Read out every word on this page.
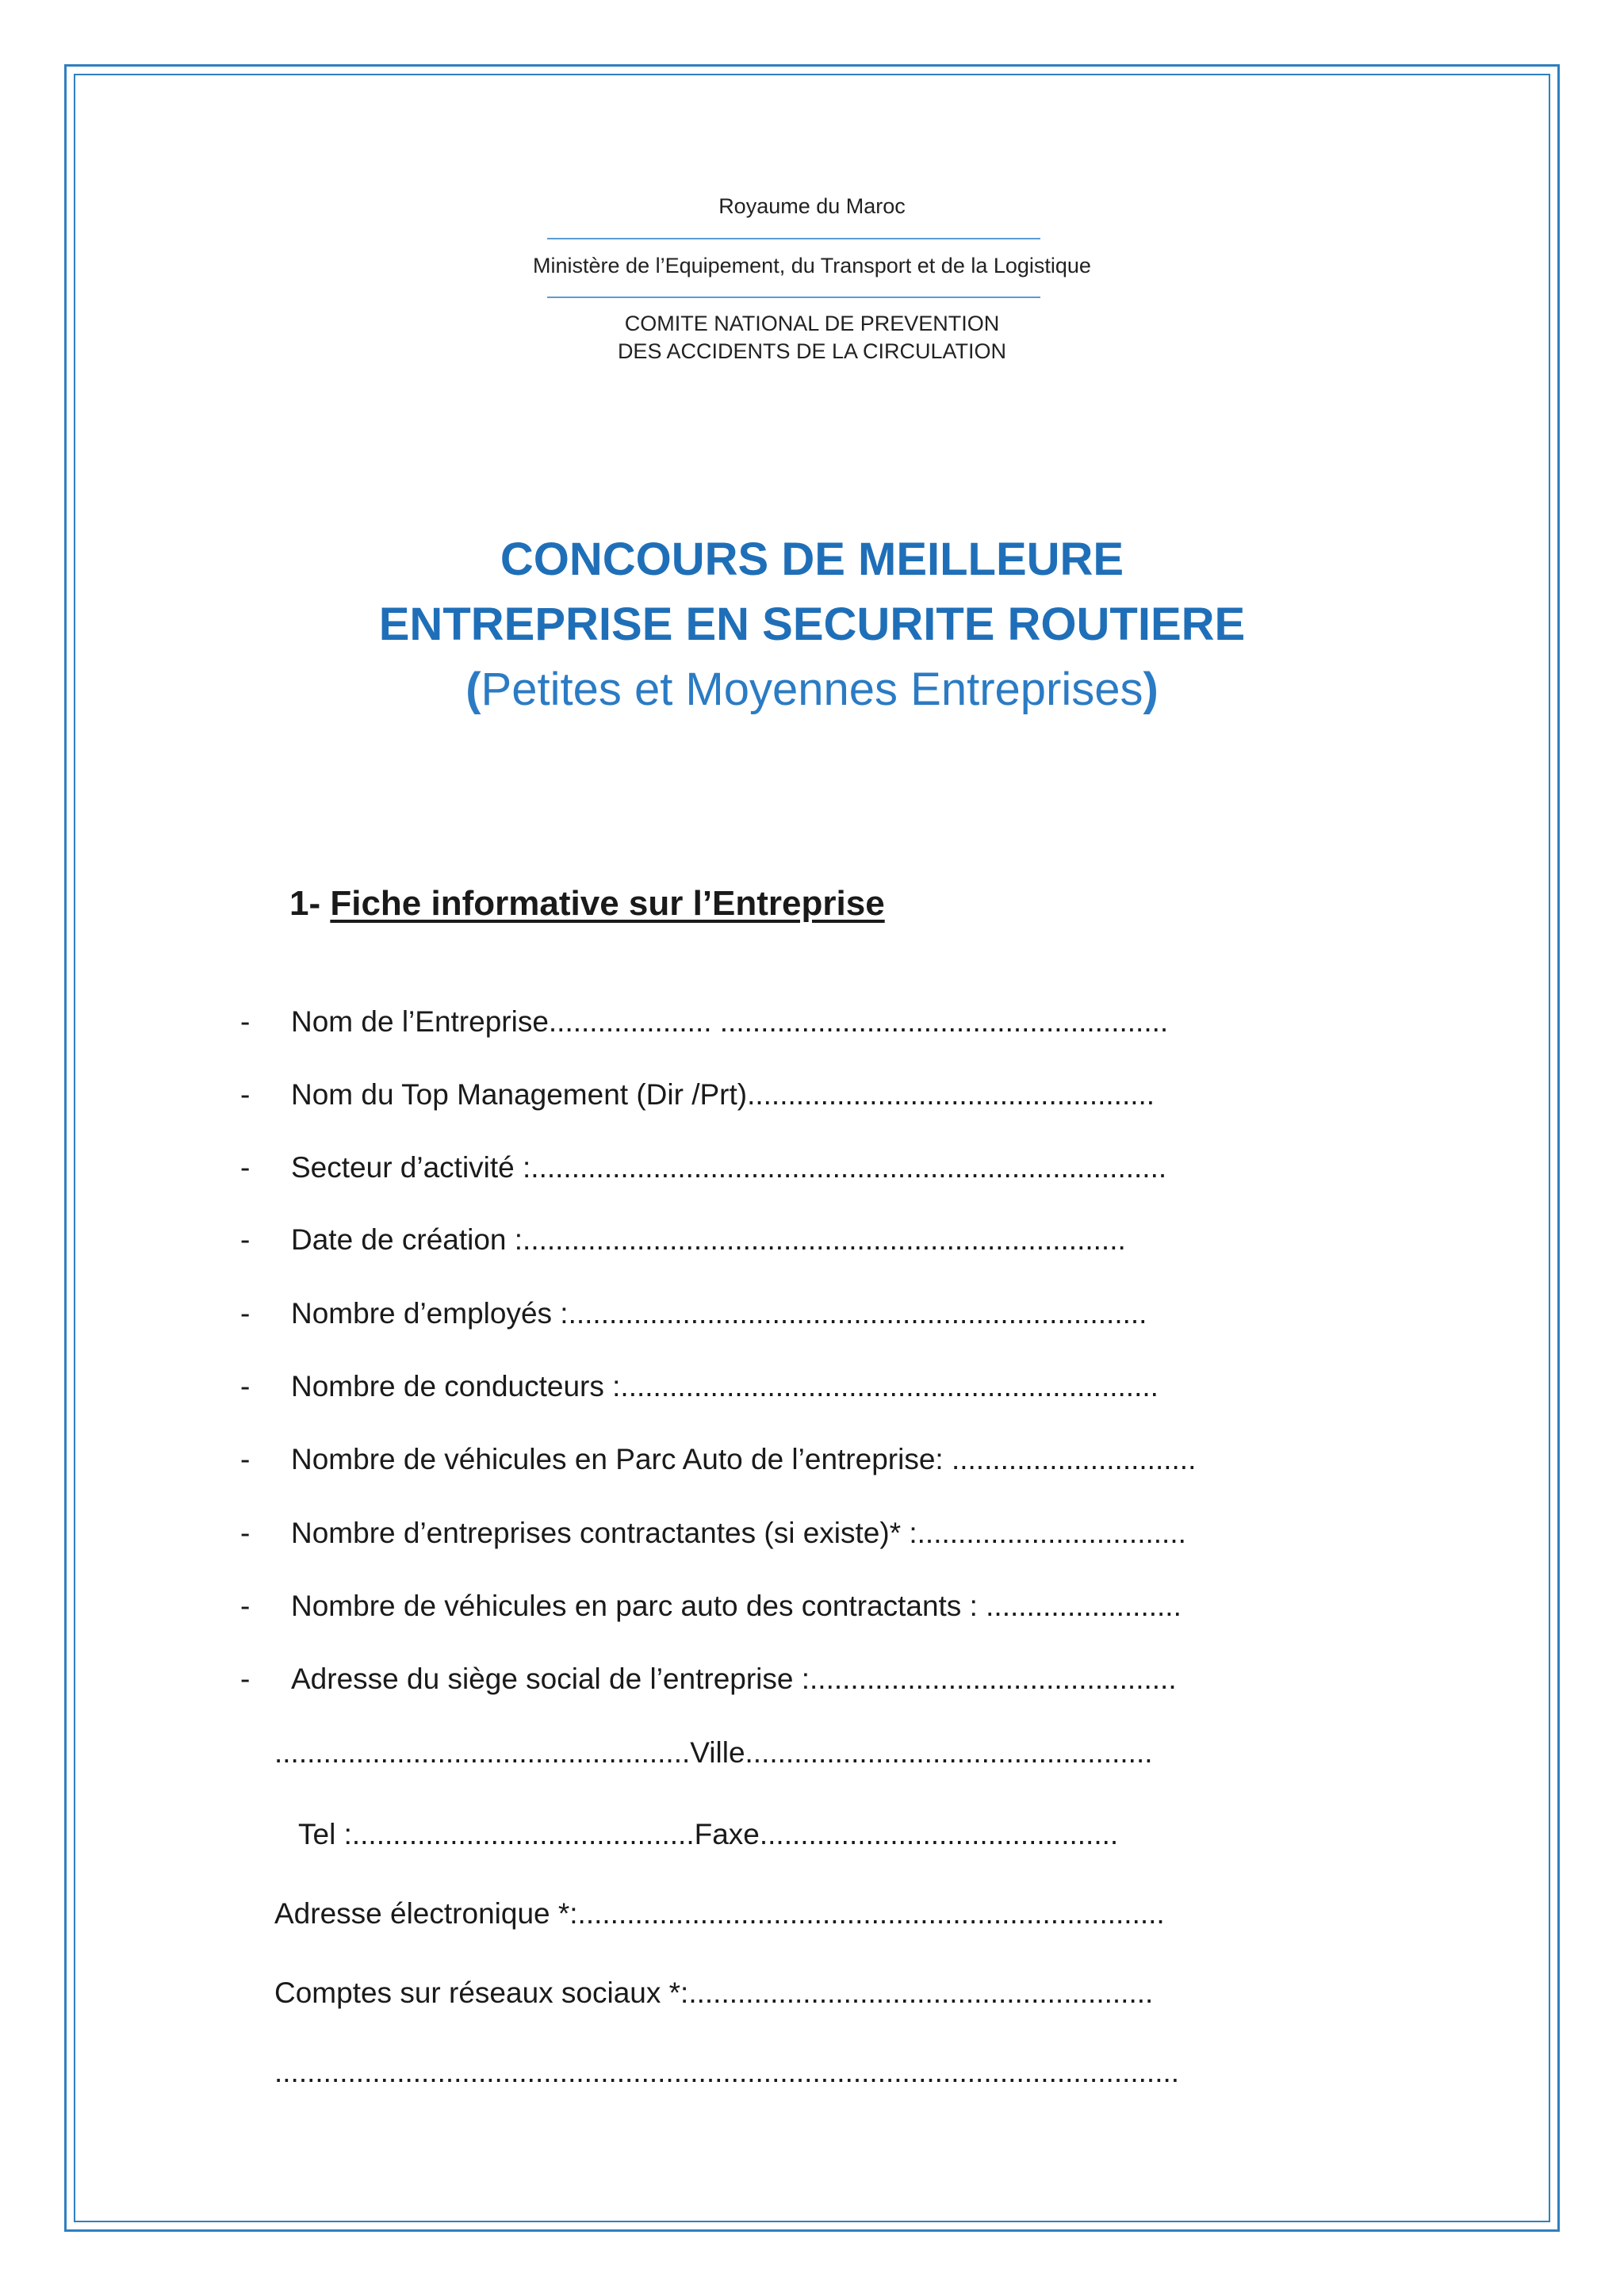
Royaume du Maroc
Ministère de l’Equipement, du Transport et de la Logistique
COMITE NATIONAL DE PREVENTION
DES ACCIDENTS DE LA CIRCULATION
CONCOURS DE MEILLEURE
ENTREPRISE EN SECURITE ROUTIERE
(Petites et Moyennes Entreprises)
1- Fiche informative sur l’Entreprise
- Nom de l’Entreprise.................... .......................................................
- Nom du Top Management (Dir /Prt)..................................................
- Secteur d’activité :..............................................................................
- Date de création :..........................................................................
- Nombre d’employés :.......................................................................
- Nombre de conducteurs :..................................................................
- Nombre de véhicules en Parc Auto de l’entreprise: ..............................
- Nombre d’entreprises contractantes (si existe)* :.................................
- Nombre de véhicules en parc auto des contractants : ........................
- Adresse du siège social de l’entreprise :.............................................
...................................................Ville..................................................
Tel :..........................................Faxe............................................
Adresse électronique *:........................................................................
Comptes sur réseaux sociaux *:.........................................................
...............................................................................................................
